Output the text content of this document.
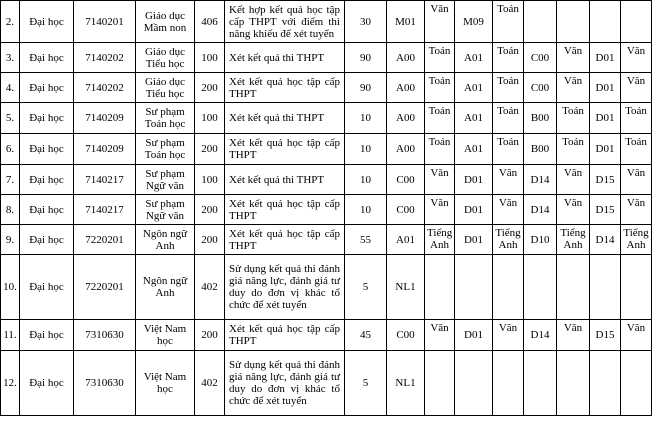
2.	Đại học	7140201	Giáo dục Mầm non	406	Kết hợp kết quả học tập cấp THPT với điểm thi năng khiếu để xét tuyển	30	M01	Văn	M09	Toán				
3.	Đại học	7140202	Giáo dục Tiểu học	100	Xét kết quả thi THPT	90	A00	Toán	A01	Toán	C00	Văn	D01	Văn
4.	Đại học	7140202	Giáo dục Tiểu học	200	Xét kết quả học tập cấp THPT	90	A00	Toán	A01	Toán	C00	Văn	D01	Văn
5.	Đại học	7140209	Sư phạm Toán học	100	Xét kết quả thi THPT	10	A00	Toán	A01	Toán	B00	Toán	D01	Toán
6.	Đại học	7140209	Sư phạm Toán học	200	Xét kết quả học tập cấp THPT	10	A00	Toán	A01	Toán	B00	Toán	D01	Toán
7.	Đại học	7140217	Sư phạm Ngữ văn	100	Xét kết quả thi THPT	10	C00	Văn	D01	Văn	D14	Văn	D15	Văn
8.	Đại học	7140217	Sư phạm Ngữ văn	200	Xét kết quả học tập cấp THPT	10	C00	Văn	D01	Văn	D14	Văn	D15	Văn
9.	Đại học	7220201	Ngôn ngữ Anh	200	Xét kết quả học tập cấp THPT	55	A01	Tiếng Anh	D01	Tiếng Anh	D10	Tiếng Anh	D14	Tiếng Anh
10.	Đại học	7220201	Ngôn ngữ Anh	402	Sử dụng kết quả thi đánh giá năng lực, đánh giá tư duy do đơn vị khác tổ chức để xét tuyển	5	NL1							
11.	Đại học	7310630	Việt Nam học	200	Xét kết quả học tập cấp THPT	45	C00	Văn	D01	Văn	D14	Văn	D15	Văn
12.	Đại học	7310630	Việt Nam học	402	Sử dụng kết quả thi đánh giá năng lực, đánh giá tư duy do đơn vị khác tổ chức để xét tuyển	5	NL1							
